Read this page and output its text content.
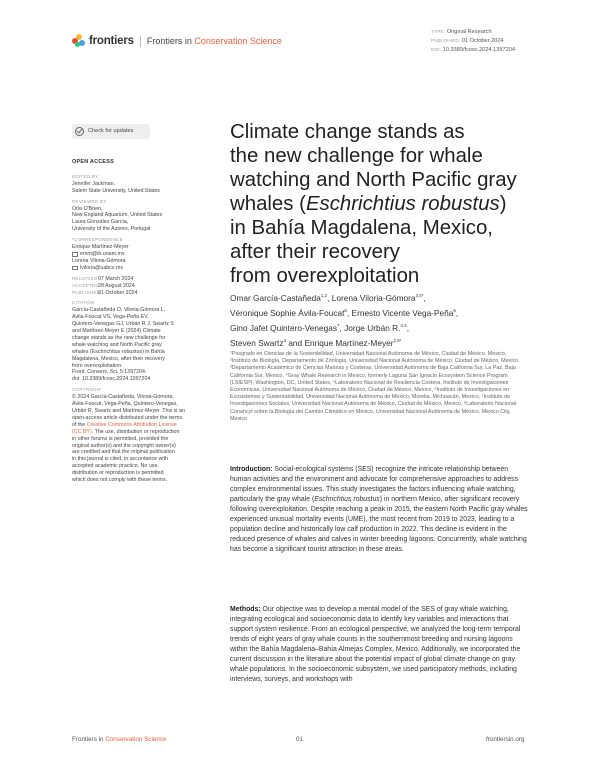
frontiers Frontiers in Conservation Science
TYPE Original Research
PUBLISHED 01 October 2024
DOI 10.3389/fcosc.2024.1397204
Check for updates
OPEN ACCESS
EDITED BY
Jennifer Jackman,
Salem State University, United States
REVIEWED BY
Orla O'Brien,
New England Aquarium, United States
Laura González García,
University of the Azores, Portugal
*CORRESPONDENCE
Enrique Martínez-Meyer
emm@ib.unam.mx
Lorena Viloria-Gómora
lviloria@uabcs.mx
RECEIVED 07 March 2024
ACCEPTED 28 August 2024
PUBLISHED
01 October 2024
CITATION
García-Castañeda O, Viloria-Gómora L,
Ávila-Foucat VS, Vega-Peña EV,
Quintero-Venegas GJ, Urbán R J, Swartz S
and Martínez-Meyer E (2024) Climate
change stands as the new challenge for
whale watching and North Pacific gray
whales (Eschrichtius robustus) in Bahía
Magdalena, Mexico, after their recovery
from overexploitation.
Front. Conserv. Sci. 5:1397204.
doi: 10.3389/fcosc.2024.1397204
COPYRIGHT
© 2024 García-Castañeda, Viloria-Gómora,
Ávila-Foucat, Vega-Peña, Quintero-Venegas,
Urbán R, Swartz and Martínez-Meyer. This is an
open-access article distributed under the terms
of the Creative Commons Attribution License
(CC BY). The use, distribution or reproduction
in other forums is permitted, provided the
original author(s) and the copyright owner(s)
are credited and that the original publication
in this journal is cited, in accordance with
accepted academic practice. No use,
distribution or reproduction is permitted
which does not comply with these terms.
Climate change stands as
the new challenge for whale
watching and North Pacific gray
whales (Eschrichtius robustus)
in Bahía Magdalena, Mexico,
after their recovery
from overexploitation
Omar García-Castañeda$^{1,2}$, Lorena Viloria-Gómora$^{3,4*}$,
Véronique Sophie Ávila-Foucat$^5$, Ernesto Vicente Vega-Peña$^6$,
Gino Jafet Quintero-Venegas$^7$, Jorge Urbán R.$^{3,4}$,
Steven Swartz$^4$ and Enrique Martínez-Meyer$^{2,8*}$
¹Posgrado en Ciencias de la Sostenibilidad, Universidad Nacional Autónoma de México, Ciudad de México, Mexico, ²Instituto de Biología, Departamento de Zoología, Universidad Nacional Autónoma de México, Ciudad de México, Mexico, ³Departamento Académico de Ciencias Marinas y Costeras, Universidad Autónoma de Baja California Sur, La Paz, Baja California Sur, Mexico, ⁴Gray Whale Research in Mexico, formerly Laguna San Ignacio Ecosystem Science Program (LSIESP), Washington, DC, United States, ⁵Laboratorio Nacional de Resiliencia Costera, Instituto de Investigaciones Económicas, Universidad Nacional Autónoma de México, Ciudad de México, Mexico, ⁶Instituto de Investigaciones en Ecosistemas y Sustentabilidad, Universidad Nacional Autónoma de México, Morelia, Michoacán, Mexico, ⁷Instituto de Investigaciones Sociales, Universidad Nacional Autónoma de México, Ciudad de México, Mexico, ⁸Laboratorio Nacional Conahcyt sobre la Biología del Cambio Climático en México, Universidad Nacional Autónoma de México, Mexico City, Mexico
Introduction: Social-ecological systems (SES) recognize the intricate relationship between human activities and the environment and advocate for comprehensive approaches to address complex environmental issues. This study investigates the factors influencing whale watching, particularly the gray whale (Eschrichtius robustus) in northern Mexico, after significant recovery following overexploitation. Despite reaching a peak in 2015, the eastern North Pacific gray whales experienced unusual mortality events (UME), the most recent from 2019 to 2023, leading to a population decline and historically low calf production in 2022. This decline is evident in the reduced presence of whales and calves in winter breeding lagoons. Concurrently, whale watching has become a significant tourist attraction in these areas.
Methods: Our objective was to develop a mental model of the SES of gray whale watching, integrating ecological and socioeconomic data to identify key variables and interactions that support system resilience. From an ecological perspective, we analyzed the long-term temporal trends of eight years of gray whale counts in the southernmost breeding and nursing lagoons within the Bahía Magdalena–Bahía Almejas Complex, Mexico. Additionally, we incorporated the current discussion in the literature about the potential impact of global climate change on gray whale populations. In the socioeconomic subsystem, we used participatory methods, including interviews, surveys, and workshops with
Frontiers in Conservation Science	01	frontiersin.org
